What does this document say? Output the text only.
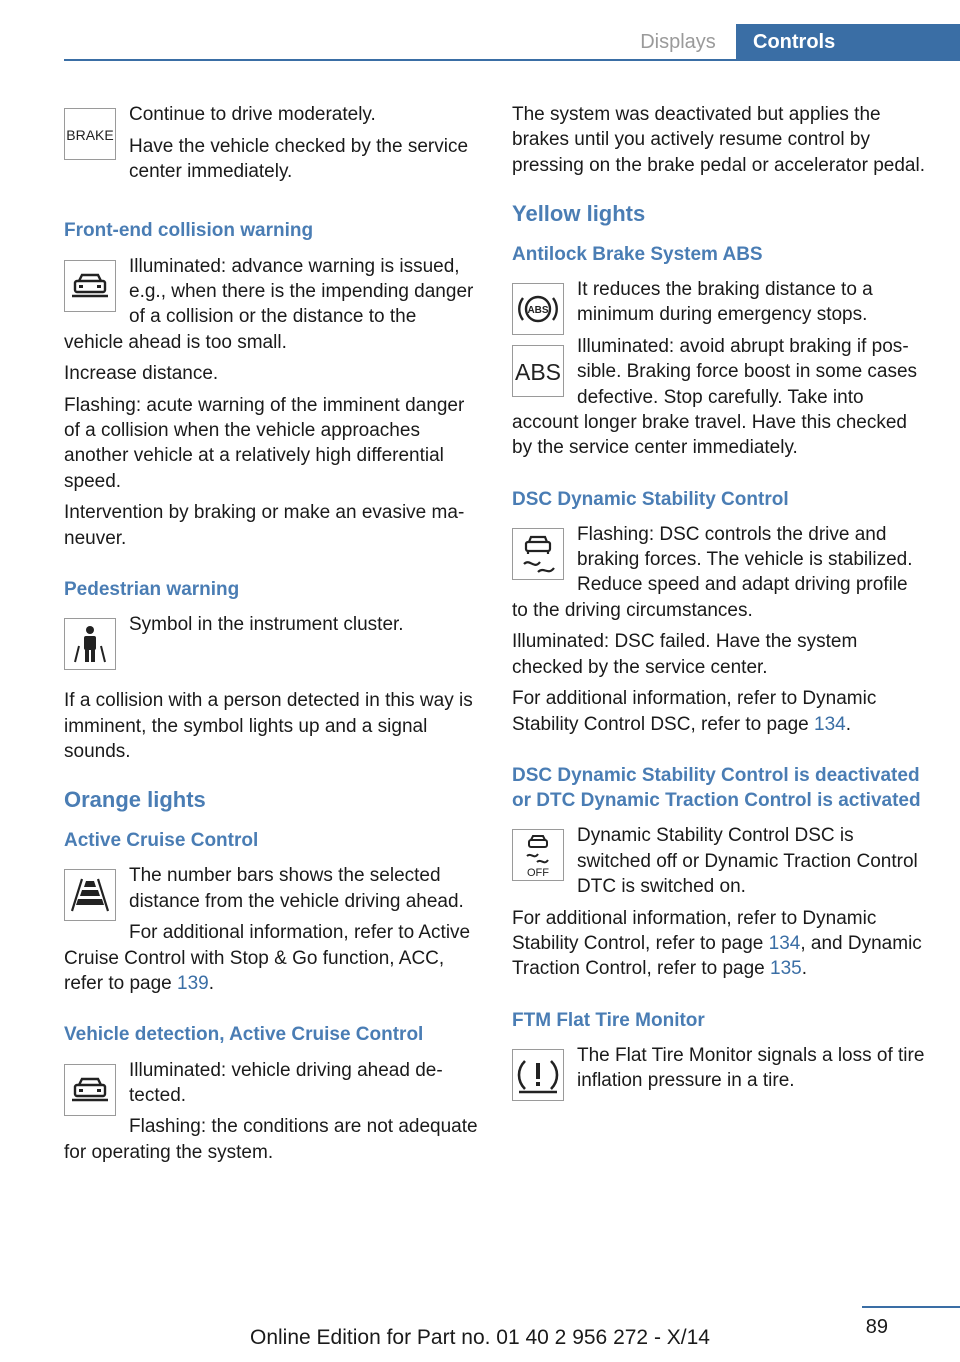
Displays	Controls
BRAKE

Continue to drive moderately.

Have the vehicle checked by the service center immediately.

Front-end collision warning

Illuminated: advance warning is issued, e.g., when there is the impending danger of a collision or the distance to the vehicle ahead is too small.

Increase distance.

Flashing: acute warning of the imminent danger of a collision when the vehicle approaches another vehicle at a relatively high differential speed.

Intervention by braking or make an evasive maneuver.

Pedestrian warning

Symbol in the instrument cluster.

If a collision with a person detected in this way is imminent, the symbol lights up and a signal sounds.

Orange lights
Active Cruise Control

The number bars shows the selected distance from the vehicle driving ahead.

For additional information, refer to Active Cruise Control with Stop & Go function, ACC, refer to page 139.

Vehicle detection, Active Cruise Control

Illuminated: vehicle driving ahead detected.

Flashing: the conditions are not adequate for operating the system.

The system was deactivated but applies the brakes until you actively resume control by pressing on the brake pedal or accelerator pedal.

Yellow lights
Antilock Brake System ABS
ABS
ABS

It reduces the braking distance to a minimum during emergency stops.

Illuminated: avoid abrupt braking if possible. Braking force boost in some cases defective. Stop carefully. Take into account longer brake travel. Have this checked by the service center immediately.

DSC Dynamic Stability Control

Flashing: DSC controls the drive and braking forces. The vehicle is stabilized. Reduce speed and adapt driving profile to the driving circumstances.

Illuminated: DSC failed. Have the system checked by the service center.

For additional information, refer to Dynamic Stability Control DSC, refer to page 134.

DSC Dynamic Stability Control is deactivated or DTC Dynamic Traction Control is activated
OFF

Dynamic Stability Control DSC is switched off or Dynamic Traction Control DTC is switched on.

For additional information, refer to Dynamic Stability Control, refer to page 134, and Dynamic Traction Control, refer to page 135.

FTM Flat Tire Monitor

The Flat Tire Monitor signals a loss of tire inflation pressure in a tire.

89
Online Edition for Part no. 01 40 2 956 272 - X/14
